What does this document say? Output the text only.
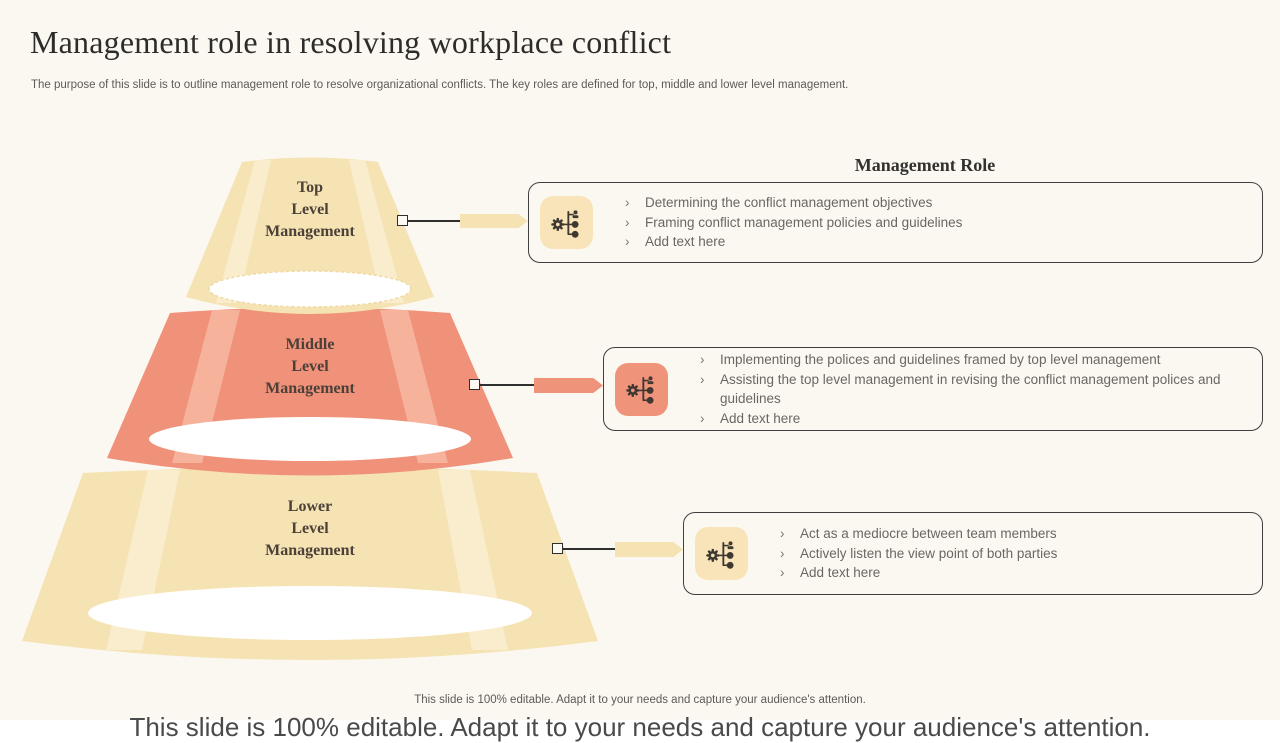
Management role in resolving workplace conflict
The purpose of this slide is to outline management role to resolve organizational conflicts. The key roles are defined for top, middle and lower level management.
Top
Level
Management
Middle
Level
Management
Lower
Level
Management
Management Role
›	Determining the conflict management objectives
›	Framing conflict management policies and guidelines
›	Add text here
›	Implementing the polices and guidelines framed by top level management
›	Assisting the top level management in revising the conflict management polices and guidelines
›	Add text here
›	Act as a mediocre between team members
›	Actively listen the view point of both parties
›	Add text here
This slide is 100% editable. Adapt it to your needs and capture your audience's attention.
This slide is 100% editable. Adapt it to your needs and capture your audience's attention.
